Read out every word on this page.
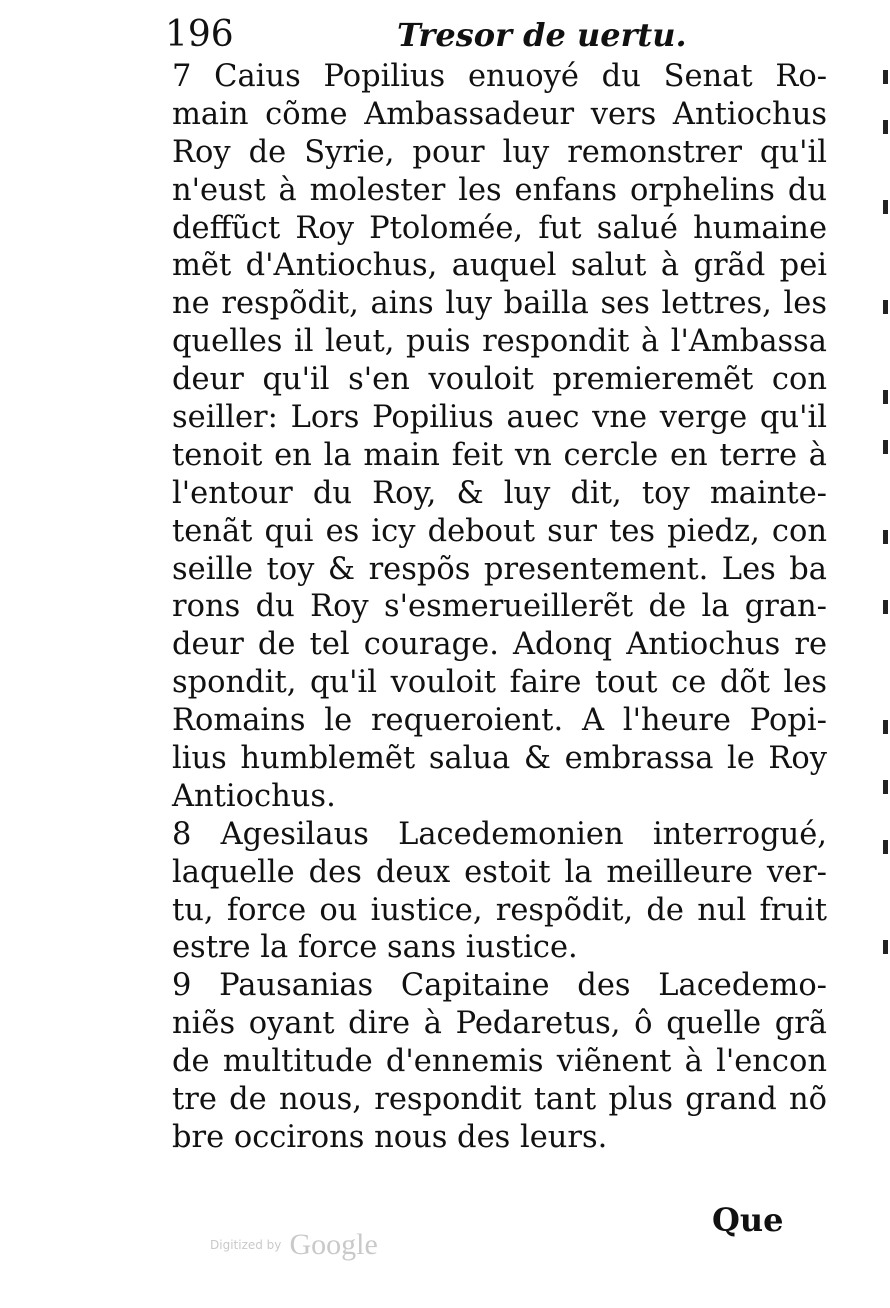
196	Tresor de uertu.
7 Caius Popilius enuoyé du Senat Ro-
main cõme Ambassadeur vers Antiochus
Roy de Syrie, pour luy remonstrer qu'il
n'eust à molester les enfans orphelins du
deffũct Roy Ptolomée, fut salué humaine
mẽt d'Antiochus, auquel salut à grãd pei
ne respõdit, ains luy bailla ses lettres, les
quelles il leut, puis respondit à l'Ambassa
deur qu'il s'en vouloit premieremẽt con
seiller: Lors Popilius auec vne verge qu'il
tenoit en la main feit vn cercle en terre à
l'entour du Roy, & luy dit, toy mainte-
tenãt qui es icy debout sur tes piedz, con
seille toy & respõs presentement. Les ba
rons du Roy s'esmerueillerẽt de la gran-
deur de tel courage. Adonq Antiochus re
spondit, qu'il vouloit faire tout ce dõt les
Romains le requeroient. A l'heure Popi-
lius humblemẽt salua & embrassa le Roy
Antiochus.
8 Agesilaus Lacedemonien interrogué,
laquelle des deux estoit la meilleure ver-
tu, force ou iustice, respõdit, de nul fruit
estre la force sans iustice.
9 Pausanias Capitaine des Lacedemo-
niẽs oyant dire à Pedaretus, ô quelle grã
de multitude d'ennemis viẽnent à l'encon
tre de nous, respondit tant plus grand nõ
bre occirons nous des leurs.
Que
Digitized by Google
